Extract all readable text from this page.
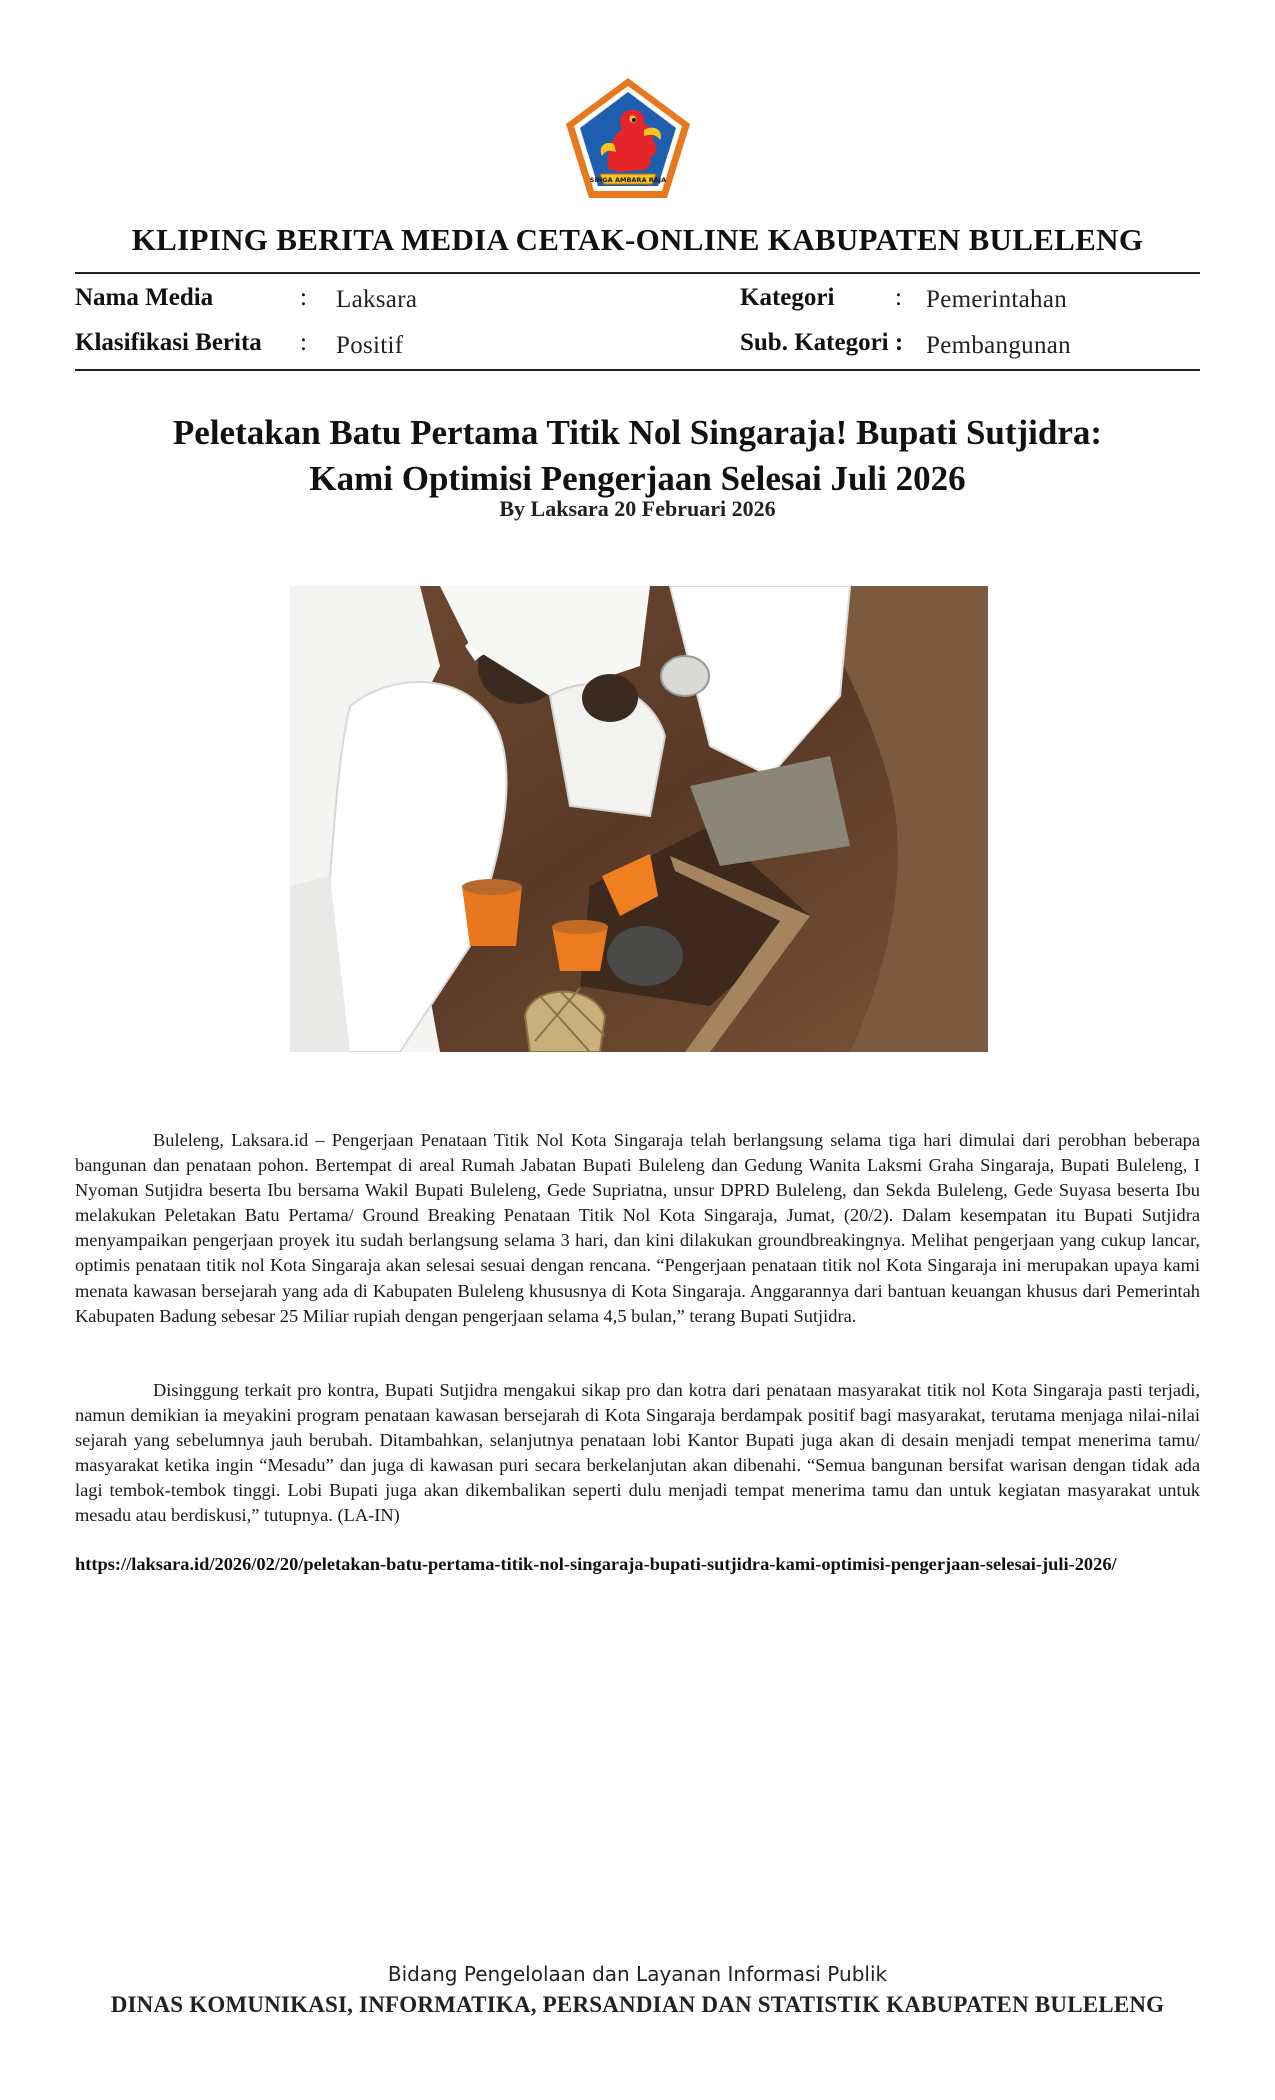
SINGA AMBARA RAJA
KLIPING BERITA MEDIA CETAK-ONLINE KABUPATEN BULELENG
Nama Media	: Laksara	Kategori : Pemerintahan
Klasifikasi Berita : Positif	Sub. Kategori : Pembangunan
Peletakan Batu Pertama Titik Nol Singaraja! Bupati Sutjidra:
Kami Optimisi Pengerjaan Selesai Juli 2026
By Laksara 20 Februari 2026

Buleleng, Laksara.id – Pengerjaan Penataan Titik Nol Kota Singaraja telah berlangsung selama tiga hari dimulai dari perobhan beberapa bangunan dan penataan pohon. Bertempat di areal Rumah Jabatan Bupati Buleleng dan Gedung Wanita Laksmi Graha Singaraja, Bupati Buleleng, I Nyoman Sutjidra beserta Ibu bersama Wakil Bupati Buleleng, Gede Supriatna, unsur DPRD Buleleng, dan Sekda Buleleng, Gede Suyasa beserta Ibu melakukan Peletakan Batu Pertama/ Ground Breaking Penataan Titik Nol Kota Singaraja, Jumat, (20/2). Dalam kesempatan itu Bupati Sutjidra menyampaikan pengerjaan proyek itu sudah berlangsung selama 3 hari, dan kini dilakukan groundbreakingnya. Melihat pengerjaan yang cukup lancar, optimis penataan titik nol Kota Singaraja akan selesai sesuai dengan rencana. “Pengerjaan penataan titik nol Kota Singaraja ini merupakan upaya kami menata kawasan bersejarah yang ada di Kabupaten Buleleng khususnya di Kota Singaraja. Anggarannya dari bantuan keuangan khusus dari Pemerintah Kabupaten Badung sebesar 25 Miliar rupiah dengan pengerjaan selama 4,5 bulan,” terang Bupati Sutjidra.

Disinggung terkait pro kontra, Bupati Sutjidra mengakui sikap pro dan kotra dari penataan masyarakat titik nol Kota Singaraja pasti terjadi, namun demikian ia meyakini program penataan kawasan bersejarah di Kota Singaraja berdampak positif bagi masyarakat, terutama menjaga nilai-nilai sejarah yang sebelumnya jauh berubah. Ditambahkan, selanjutnya penataan lobi Kantor Bupati juga akan di desain menjadi tempat menerima tamu/ masyarakat ketika ingin “Mesadu” dan juga di kawasan puri secara berkelanjutan akan dibenahi. “Semua bangunan bersifat warisan dengan tidak ada lagi tembok-tembok tinggi. Lobi Bupati juga akan dikembalikan seperti dulu menjadi tempat menerima tamu dan untuk kegiatan masyarakat untuk mesadu atau berdiskusi,” tutupnya. (LA-IN)

https://laksara.id/2026/02/20/peletakan-batu-pertama-titik-nol-singaraja-bupati-sutjidra-kami-optimisi-pengerjaan-selesai-juli-2026/
Bidang Pengelolaan dan Layanan Informasi Publik
DINAS KOMUNIKASI, INFORMATIKA, PERSANDIAN DAN STATISTIK KABUPATEN BULELENG
